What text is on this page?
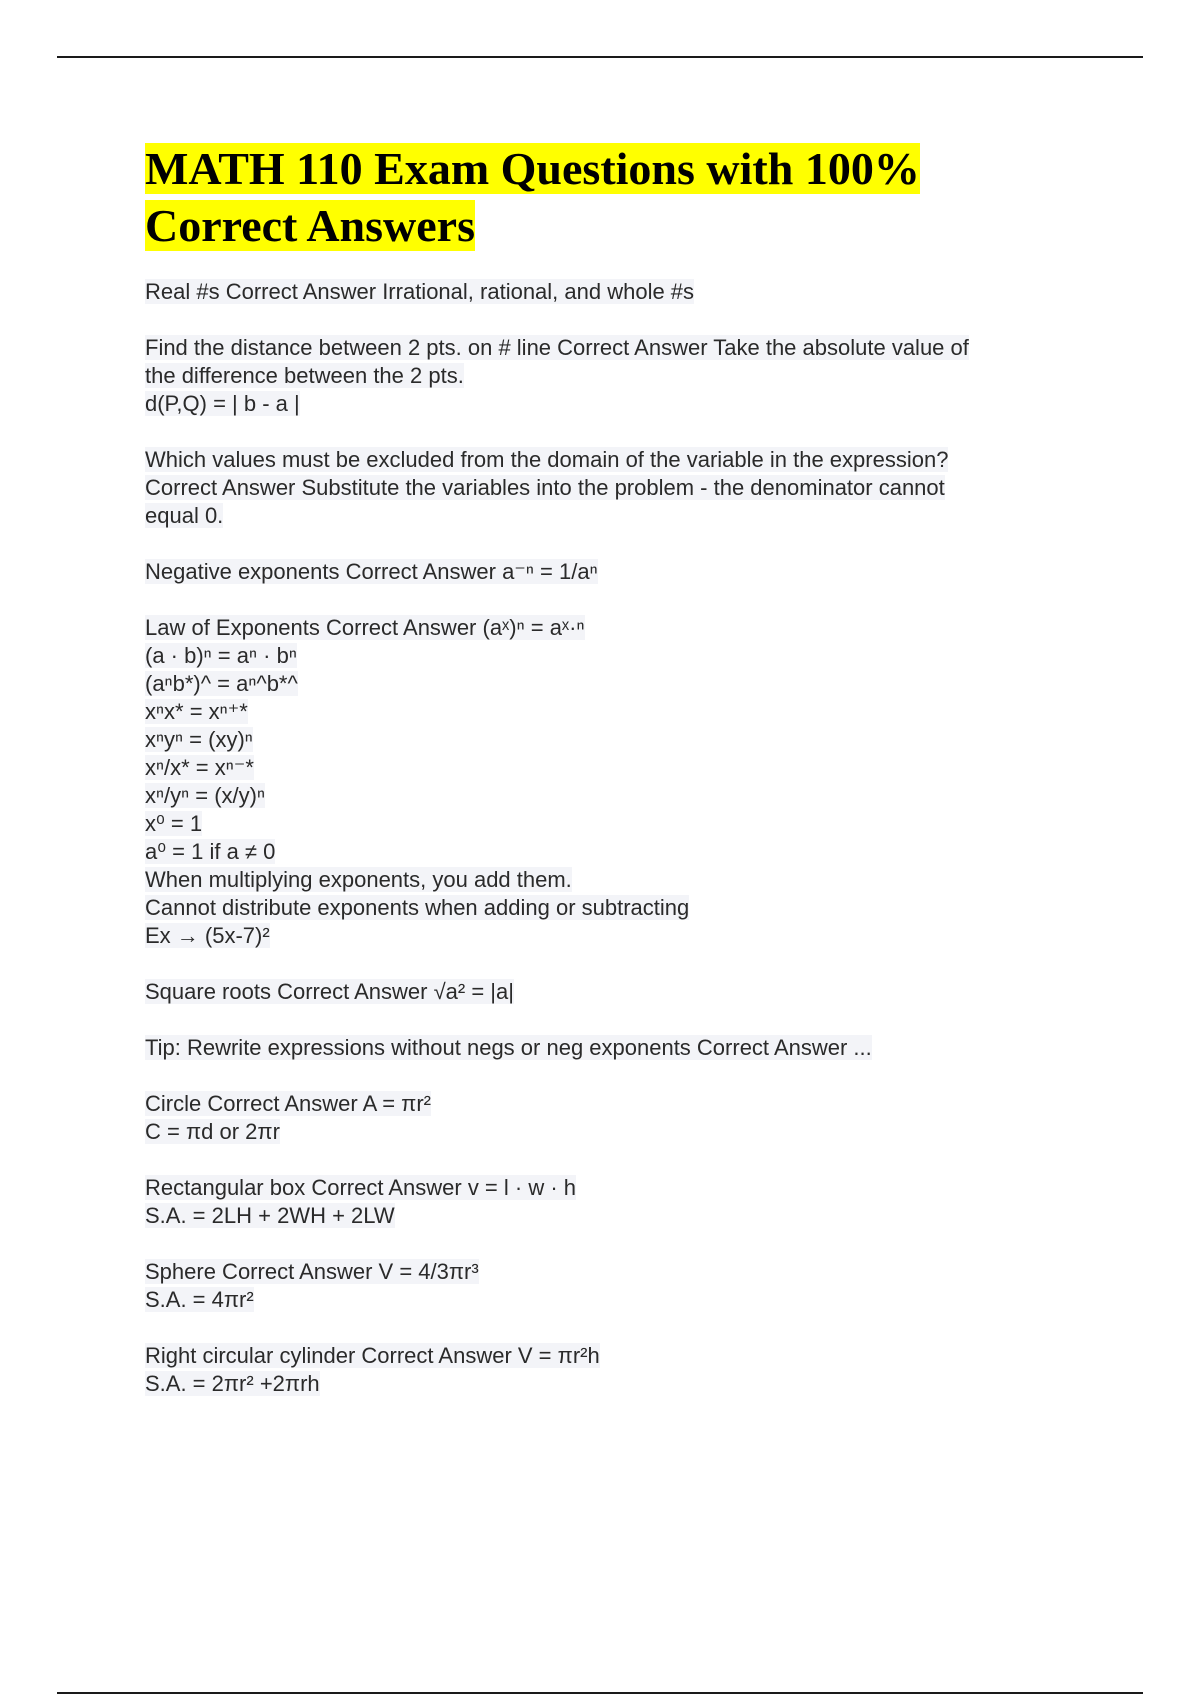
MATH 110 Exam Questions with 100%
Correct Answers
Real #s Correct Answer Irrational, rational, and whole #s
Find the distance between 2 pts. on # line Correct Answer Take the absolute value of
the difference between the 2 pts.
d(P,Q) = | b - a |
Which values must be excluded from the domain of the variable in the expression?
Correct Answer Substitute the variables into the problem - the denominator cannot
equal 0.
Negative exponents Correct Answer a⁻ⁿ = 1/aⁿ
Law of Exponents Correct Answer (aˣ)ⁿ = aˣ·ⁿ
(a · b)ⁿ = aⁿ · bⁿ
(aⁿb*)^ = aⁿ^b*^
xⁿx* = xⁿ⁺*
xⁿyⁿ = (xy)ⁿ
xⁿ/x* = xⁿ⁻*
xⁿ/yⁿ = (x/y)ⁿ
x⁰ = 1
a⁰ = 1 if a ≠ 0
When multiplying exponents, you add them.
Cannot distribute exponents when adding or subtracting
Ex → (5x-7)²
Square roots Correct Answer √a² = |a|
Tip: Rewrite expressions without negs or neg exponents Correct Answer ...
Circle Correct Answer A = πr²
C = πd or 2πr
Rectangular box Correct Answer v = l · w · h
S.A. = 2LH + 2WH + 2LW
Sphere Correct Answer V = 4/3πr³
S.A. = 4πr²
Right circular cylinder Correct Answer V = πr²h
S.A. = 2πr² +2πrh
